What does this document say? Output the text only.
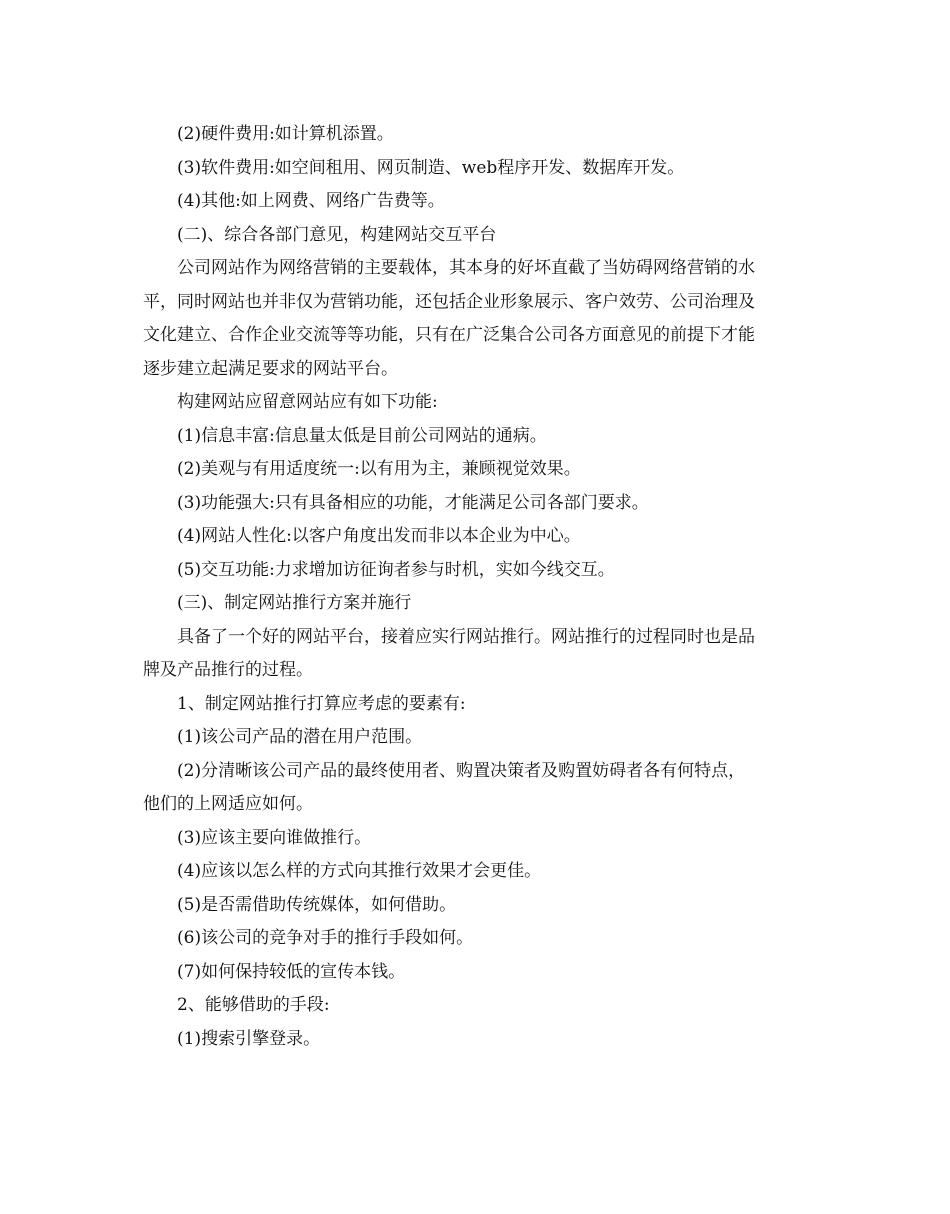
(2)硬件费用:如计算机添置。
(3)软件费用:如空间租用、网页制造、web程序开发、数据库开发。
(4)其他:如上网费、网络广告费等。
(二)、综合各部门意见，构建网站交互平台
公司网站作为网络营销的主要载体，其本身的好坏直截了当妨碍网络营销的水
平，同时网站也并非仅为营销功能，还包括企业形象展示、客户效劳、公司治理及
文化建立、合作企业交流等等功能，只有在广泛集合公司各方面意见的前提下才能
逐步建立起满足要求的网站平台。
构建网站应留意网站应有如下功能:
(1)信息丰富:信息量太低是目前公司网站的通病。
(2)美观与有用适度统一:以有用为主，兼顾视觉效果。
(3)功能强大:只有具备相应的功能，才能满足公司各部门要求。
(4)网站人性化:以客户角度出发而非以本企业为中心。
(5)交互功能:力求增加访征询者参与时机，实如今线交互。
(三)、制定网站推行方案并施行
具备了一个好的网站平台，接着应实行网站推行。网站推行的过程同时也是品
牌及产品推行的过程。
1、制定网站推行打算应考虑的要素有:
(1)该公司产品的潜在用户范围。
(2)分清晰该公司产品的最终使用者、购置决策者及购置妨碍者各有何特点，
他们的上网适应如何。
(3)应该主要向谁做推行。
(4)应该以怎么样的方式向其推行效果才会更佳。
(5)是否需借助传统媒体，如何借助。
(6)该公司的竞争对手的推行手段如何。
(7)如何保持较低的宣传本钱。
2、能够借助的手段:
(1)搜索引擎登录。
